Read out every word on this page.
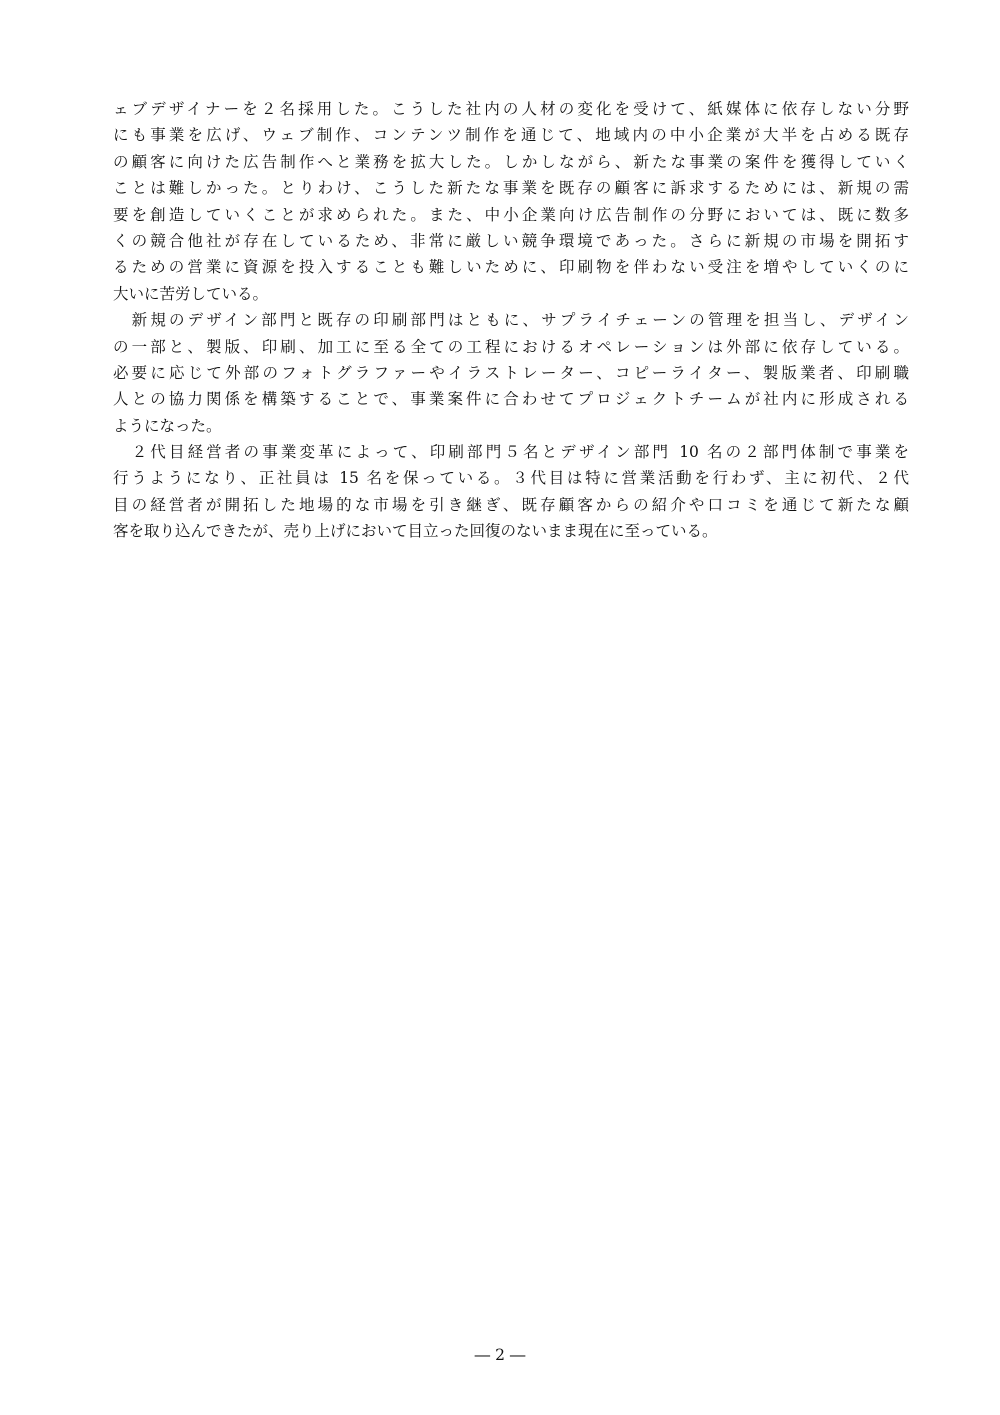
ェブデザイナーを２名採用した。こうした社内の人材の変化を受けて、紙媒体に依存しない分野
にも事業を広げ、ウェブ制作、コンテンツ制作を通じて、地域内の中小企業が大半を占める既存
の顧客に向けた広告制作へと業務を拡大した。しかしながら、新たな事業の案件を獲得していく
ことは難しかった。とりわけ、こうした新たな事業を既存の顧客に訴求するためには、新規の需
要を創造していくことが求められた。また、中小企業向け広告制作の分野においては、既に数多
くの競合他社が存在しているため、非常に厳しい競争環境であった。さらに新規の市場を開拓す
るための営業に資源を投入することも難しいために、印刷物を伴わない受注を増やしていくのに
大いに苦労している。
　新規のデザイン部門と既存の印刷部門はともに、サプライチェーンの管理を担当し、デザイン
の一部と、製版、印刷、加工に至る全ての工程におけるオペレーションは外部に依存している。
必要に応じて外部のフォトグラファーやイラストレーター、コピーライター、製版業者、印刷職
人との協力関係を構築することで、事業案件に合わせてプロジェクトチームが社内に形成される
ようになった。
　２代目経営者の事業変革によって、印刷部門５名とデザイン部門 10 名の２部門体制で事業を
行うようになり、正社員は 15 名を保っている。３代目は特に営業活動を行わず、主に初代、２代
目の経営者が開拓した地場的な市場を引き継ぎ、既存顧客からの紹介や口コミを通じて新たな顧
客を取り込んできたが、売り上げにおいて目立った回復のないまま現在に至っている。
― 2 ―
